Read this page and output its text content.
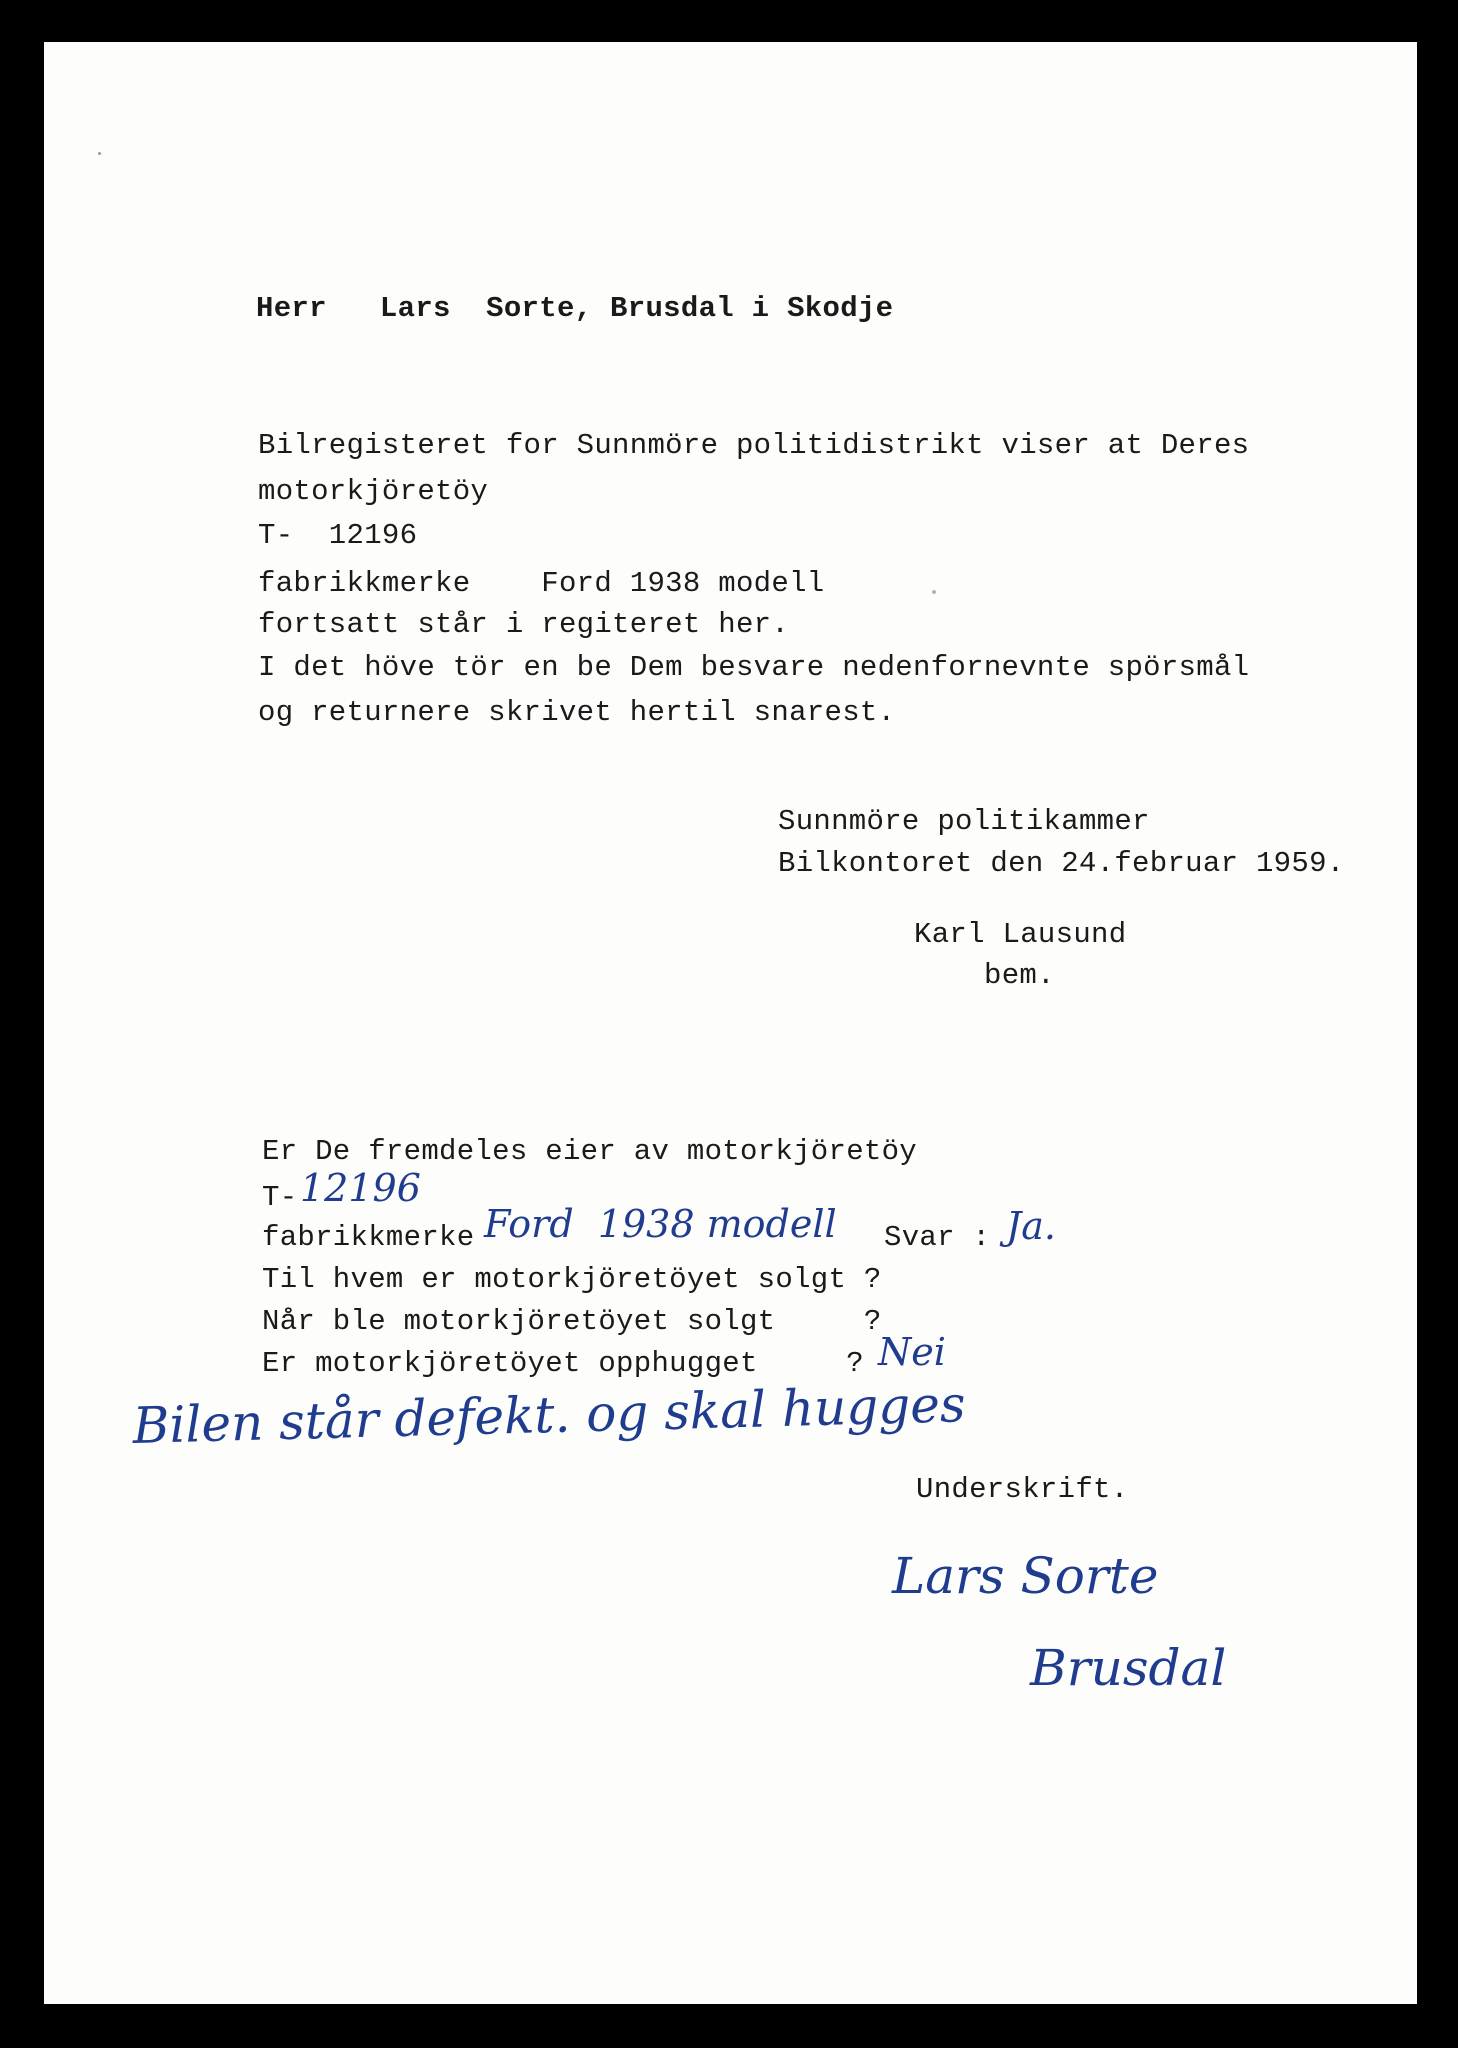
Herr   Lars  Sorte, Brusdal i Skodje
Bilregisteret for Sunnmöre politidistrikt viser at Deres
motorkjöretöy
T-  12196
fabrikkmerke    Ford 1938 modell
fortsatt står i regiteret her.
I det höve tör en be Dem besvare nedenfornevnte spörsmål
og returnere skrivet hertil snarest.
Sunnmöre politikammer
Bilkontoret den 24.februar 1959.
Karl Lausund
bem.
Er De fremdeles eier av motorkjöretöy
T- 12196
fabrikkmerke Ford  1938 modell Svar : Ja.
Til hvem er motorkjöretöyet solgt ?
Når ble motorkjöretöyet solgt     ?
Er motorkjöretöyet opphugget     ? Nei
Bilen står defekt. og skal hugges
Underskrift.
Lars Sorte
Brusdal
